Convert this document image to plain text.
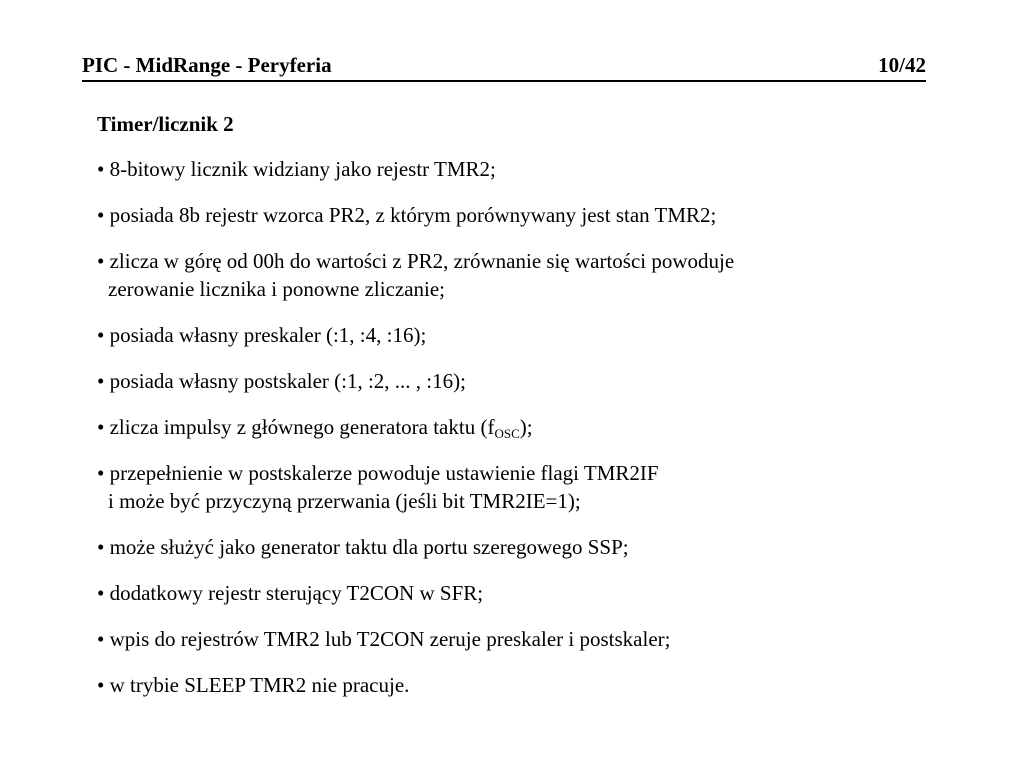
PIC - MidRange - Peryferia	10/42
Timer/licznik 2
• 8-bitowy licznik widziany jako rejestr TMR2;
• posiada 8b rejestr wzorca PR2, z którym porównywany jest stan TMR2;
• zlicza w górę od 00h do wartości z PR2, zrównanie się wartości powoduje
zerowanie licznika i ponowne zliczanie;
• posiada własny preskaler (:1, :4, :16);
• posiada własny postskaler (:1, :2, ... , :16);
• zlicza impulsy z głównego generatora taktu $(f_{OSC})$;
• przepełnienie w postskalerze powoduje ustawienie flagi TMR2IF
i może być przyczyną przerwania (jeśli bit TMR2IE=1);
• może służyć jako generator taktu dla portu szeregowego SSP;
• dodatkowy rejestr sterujący T2CON w SFR;
• wpis do rejestrów TMR2 lub T2CON zeruje preskaler i postskaler;
• w trybie SLEEP TMR2 nie pracuje.
